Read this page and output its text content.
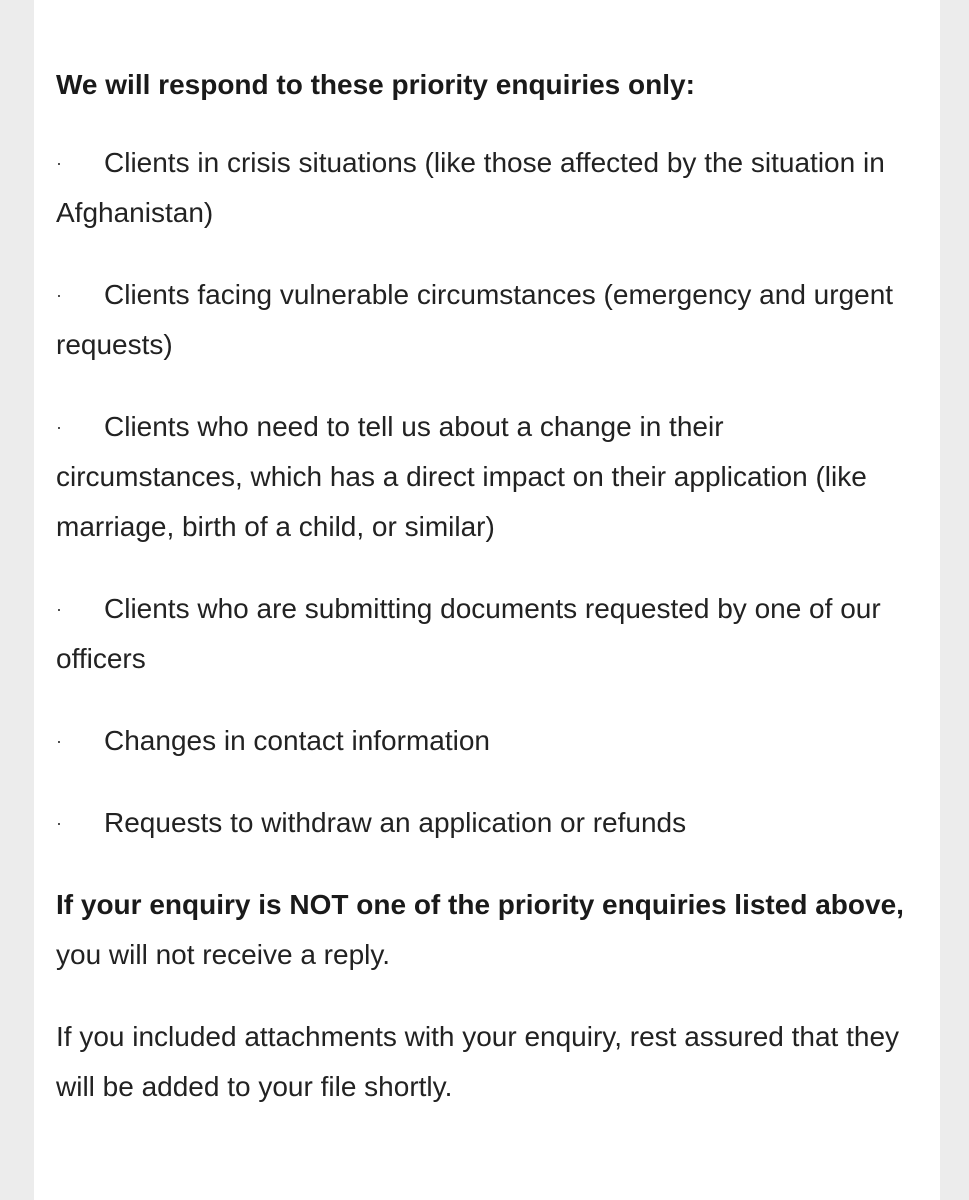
We will respond to these priority enquiries only:
· Clients in crisis situations (like those affected by the situation in Afghanistan)
· Clients facing vulnerable circumstances (emergency and urgent requests)
· Clients who need to tell us about a change in their circumstances, which has a direct impact on their application (like marriage, birth of a child, or similar)
· Clients who are submitting documents requested by one of our officers
· Changes in contact information
· Requests to withdraw an application or refunds
If your enquiry is NOT one of the priority enquiries listed above, you will not receive a reply.
If you included attachments with your enquiry, rest assured that they will be added to your file shortly.
